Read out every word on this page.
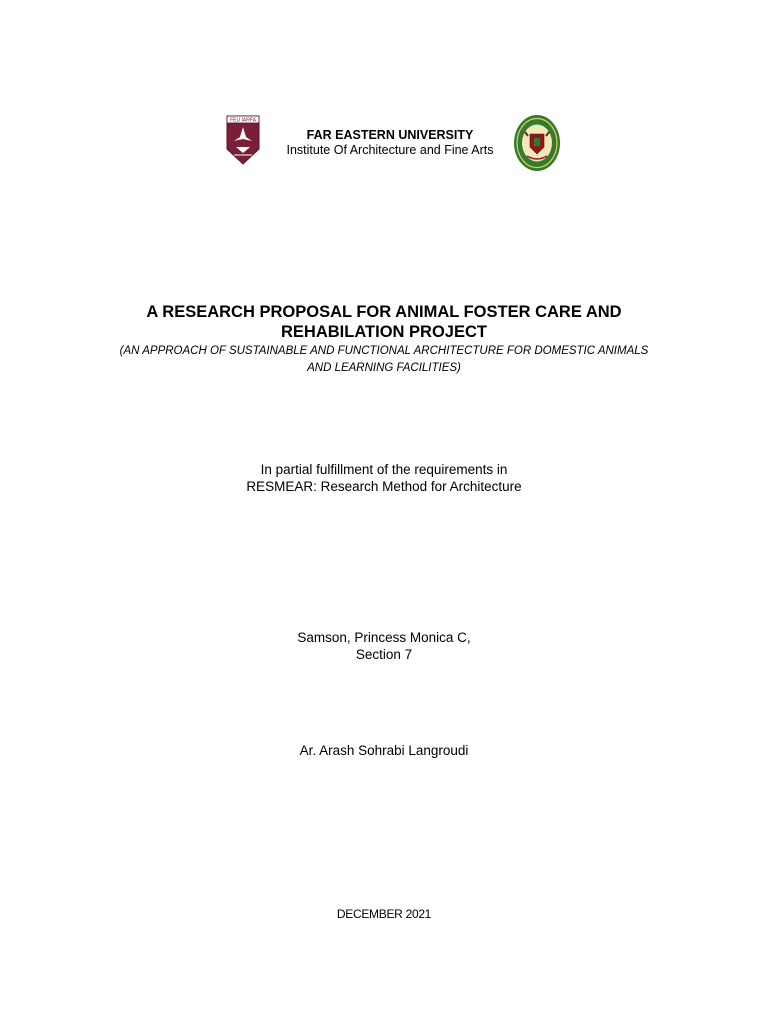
FEU IARFA
FAR EASTERN UNIVERSITY
Institute Of Architecture and Fine Arts
A RESEARCH PROPOSAL FOR ANIMAL FOSTER CARE AND
REHABILATION PROJECT
(AN APPROACH OF SUSTAINABLE AND FUNCTIONAL ARCHITECTURE FOR DOMESTIC ANIMALS
AND LEARNING FACILITIES)
In partial fulfillment of the requirements in
RESMEAR: Research Method for Architecture
Samson, Princess Monica C,
Section 7
Ar. Arash Sohrabi Langroudi
DECEMBER 2021
